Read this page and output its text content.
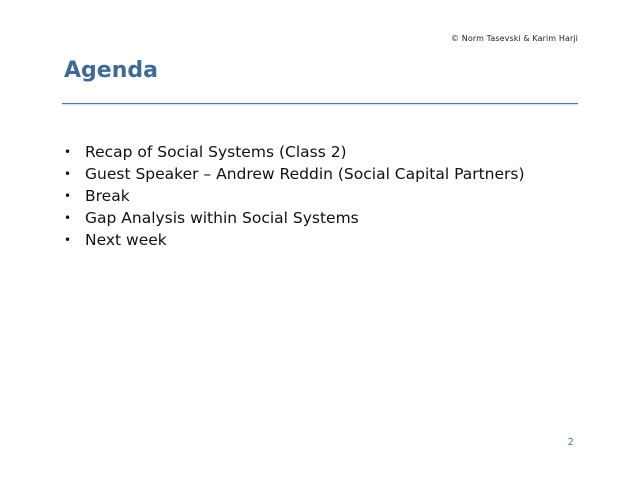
© Norm Tasevski & Karim Harji
Agenda
• Recap of Social Systems (Class 2)
• Guest Speaker – Andrew Reddin (Social Capital Partners)
• Break
• Gap Analysis within Social Systems
• Next week
2
